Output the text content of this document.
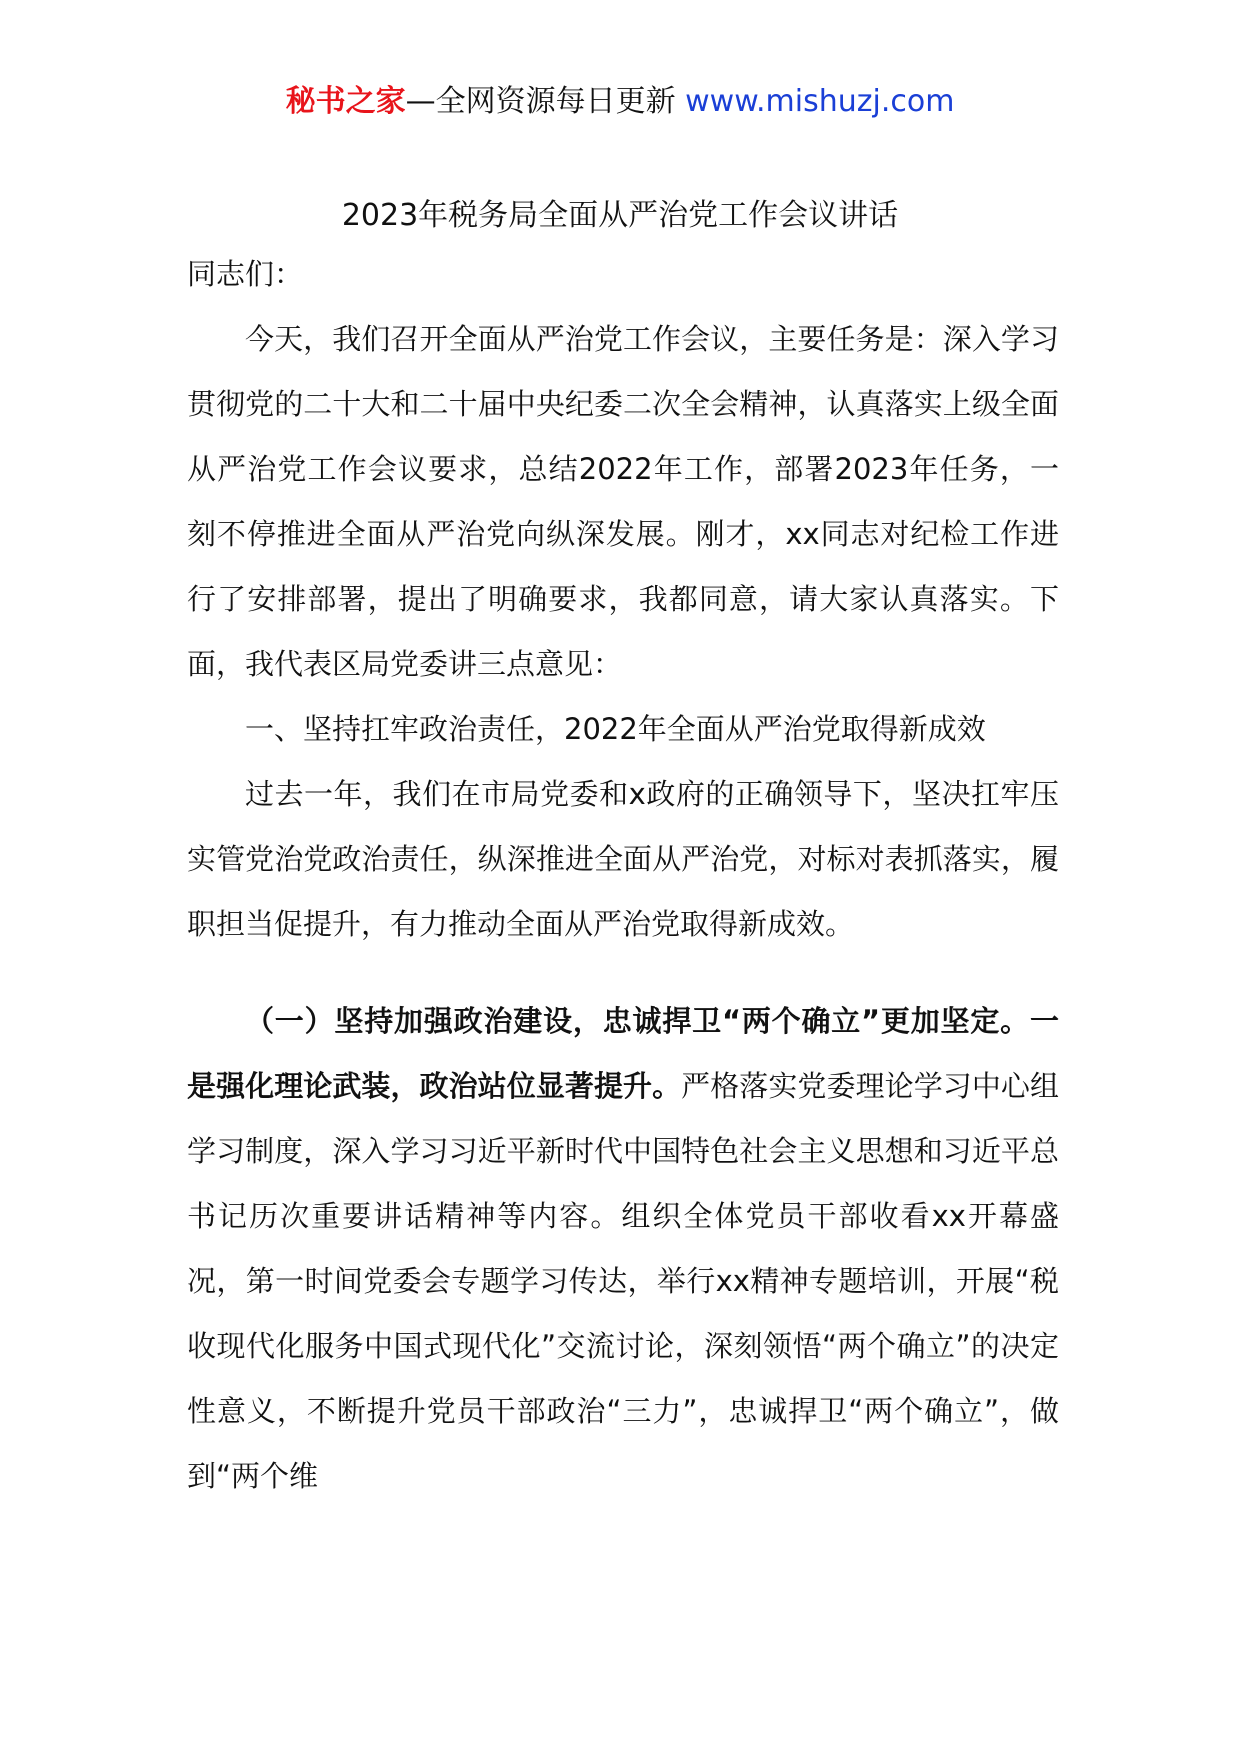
秘书之家—全网资源每日更新 www.mishuzj.com
2023年税务局全面从严治党工作会议讲话

同志们：

今天，我们召开全面从严治党工作会议，主要任务是：深入学习贯彻党的二十大和二十届中央纪委二次全会精神，认真落实上级全面从严治党工作会议要求，总结2022年工作，部署2023年任务，一刻不停推进全面从严治党向纵深发展。刚才，xx同志对纪检工作进行了安排部署，提出了明确要求，我都同意，请大家认真落实。下面，我代表区局党委讲三点意见：

一、坚持扛牢政治责任，2022年全面从严治党取得新成效

过去一年，我们在市局党委和x政府的正确领导下，坚决扛牢压实管党治党政治责任，纵深推进全面从严治党，对标对表抓落实，履职担当促提升，有力推动全面从严治党取得新成效。

（一）坚持加强政治建设，忠诚捍卫“两个确立”更加坚定。一是强化理论武装，政治站位显著提升。严格落实党委理论学习中心组学习制度，深入学习习近平新时代中国特色社会主义思想和习近平总书记历次重要讲话精神等内容。组织全体党员干部收看xx开幕盛况，第一时间党委会专题学习传达，举行xx精神专题培训，开展“税收现代化服务中国式现代化”交流讨论，深刻领悟“两个确立”的决定性意义，不断提升党员干部政治“三力”，忠诚捍卫“两个确立”，做到“两个维
